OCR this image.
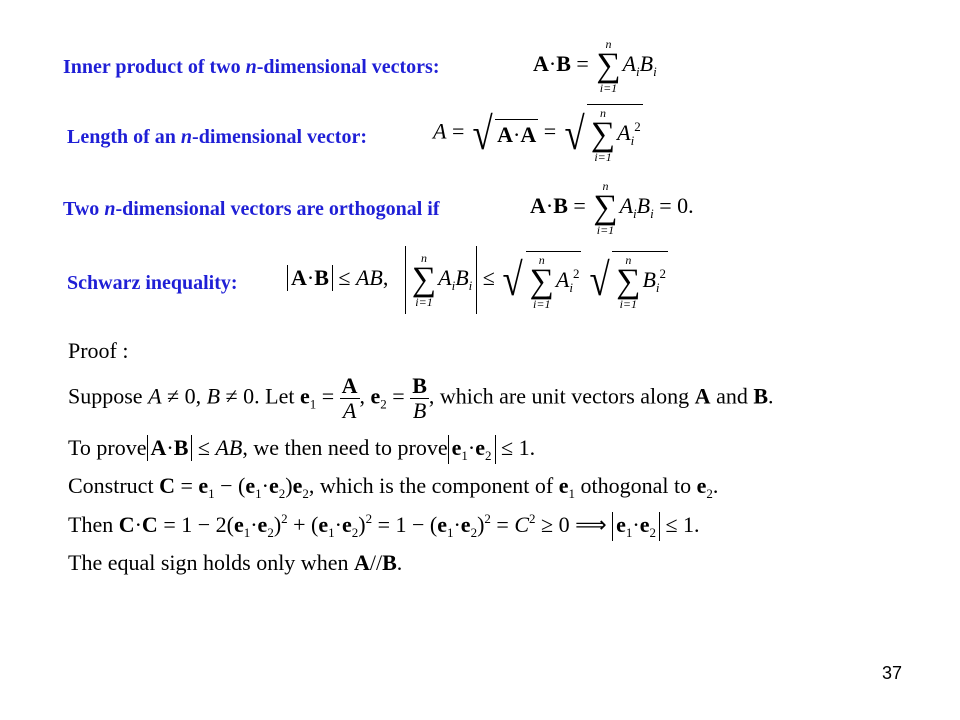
Inner product of two n-dimensional vectors:	A·B =
n
∑
i=1
$A_iB_i$
Length of an n-dimensional vector:	A = √ A·A = √	n
∑
i=1
$A_i^2$
Two n-dimensional vectors are orthogonal if	A·B =
n
∑
i=1
$A_iB_i = 0$.
Schwarz inequality: A·B ≤ AB,
n
∑
i=1
$A_iB_i$ ≤ √	n
∑
i=1
$A_i^2$ √	n
∑
i=1
$B_i^2$
Proof :
Suppose A ≠ 0, B ≠ 0. Let $e_1 = \frac{A}{A}$ , $e_2 = \frac{B}{B}$ , which are unit vectors along A and B.
To prove A·B ≤ AB, we then need to prove $e_1\cdot e_2 \le 1$.
Construct $C = e_1 - (e_1\cdot e_2)e_2$, which is the component of $e_1$ othogonal to $e_2$.
Then $C\cdot C = 1 - 2(e_1\cdot e_2)^2 + (e_1\cdot e_2)^2 = 1 - (e_1\cdot e_2)^2 = C^2 \ge 0$ ⟹ $e_1\cdot e_2 \le 1$.
The equal sign holds only when A//B.
37
